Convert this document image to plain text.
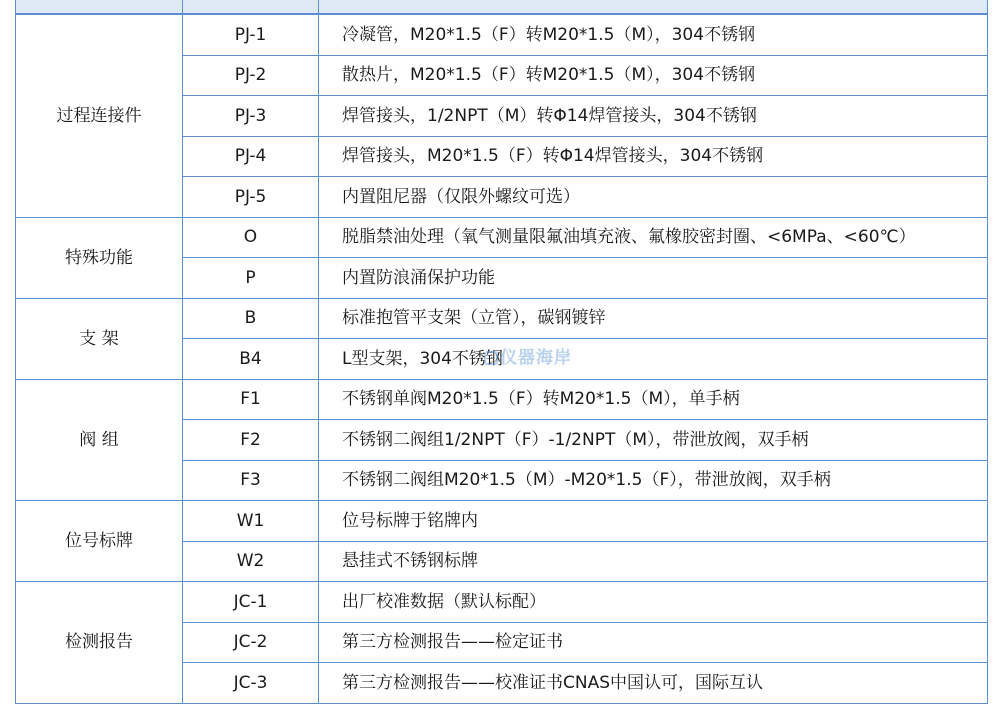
过程连接件	PJ-1	冷凝管，M20*1.5（F）转M20*1.5（M），304不锈钢
	PJ-2	散热片，M20*1.5（F）转M20*1.5（M），304不锈钢
	PJ-3	焊管接头，1/2NPT（M）转Φ14焊管接头，304不锈钢
	PJ-4	焊管接头，M20*1.5（F）转Φ14焊管接头，304不锈钢
	PJ-5	内置阻尼器（仅限外螺纹可选）
特殊功能	O	脱脂禁油处理（氧气测量限氟油填充液、氟橡胶密封圈、<6MPa、<60℃）
	P	内置防浪涌保护功能
支 架	B	标准抱管平支架（立管），碳钢镀锌
	B4	L型支架，304不锈钢
阀 组	F1	不锈钢单阀M20*1.5（F）转M20*1.5（M），单手柄
	F2	不锈钢二阀组1/2NPT（F）-1/2NPT（M），带泄放阀，双手柄
	F3	不锈钢二阀组M20*1.5（M）-M20*1.5（F），带泄放阀，双手柄
位号标牌	W1	位号标牌于铭牌内
	W2	悬挂式不锈钢标牌
检测报告	JC-1	出厂校准数据（默认标配）
	JC-2	第三方检测报告——检定证书
	JC-3	第三方检测报告——校准证书CNAS中国认可，国际互认
仪器海岸
